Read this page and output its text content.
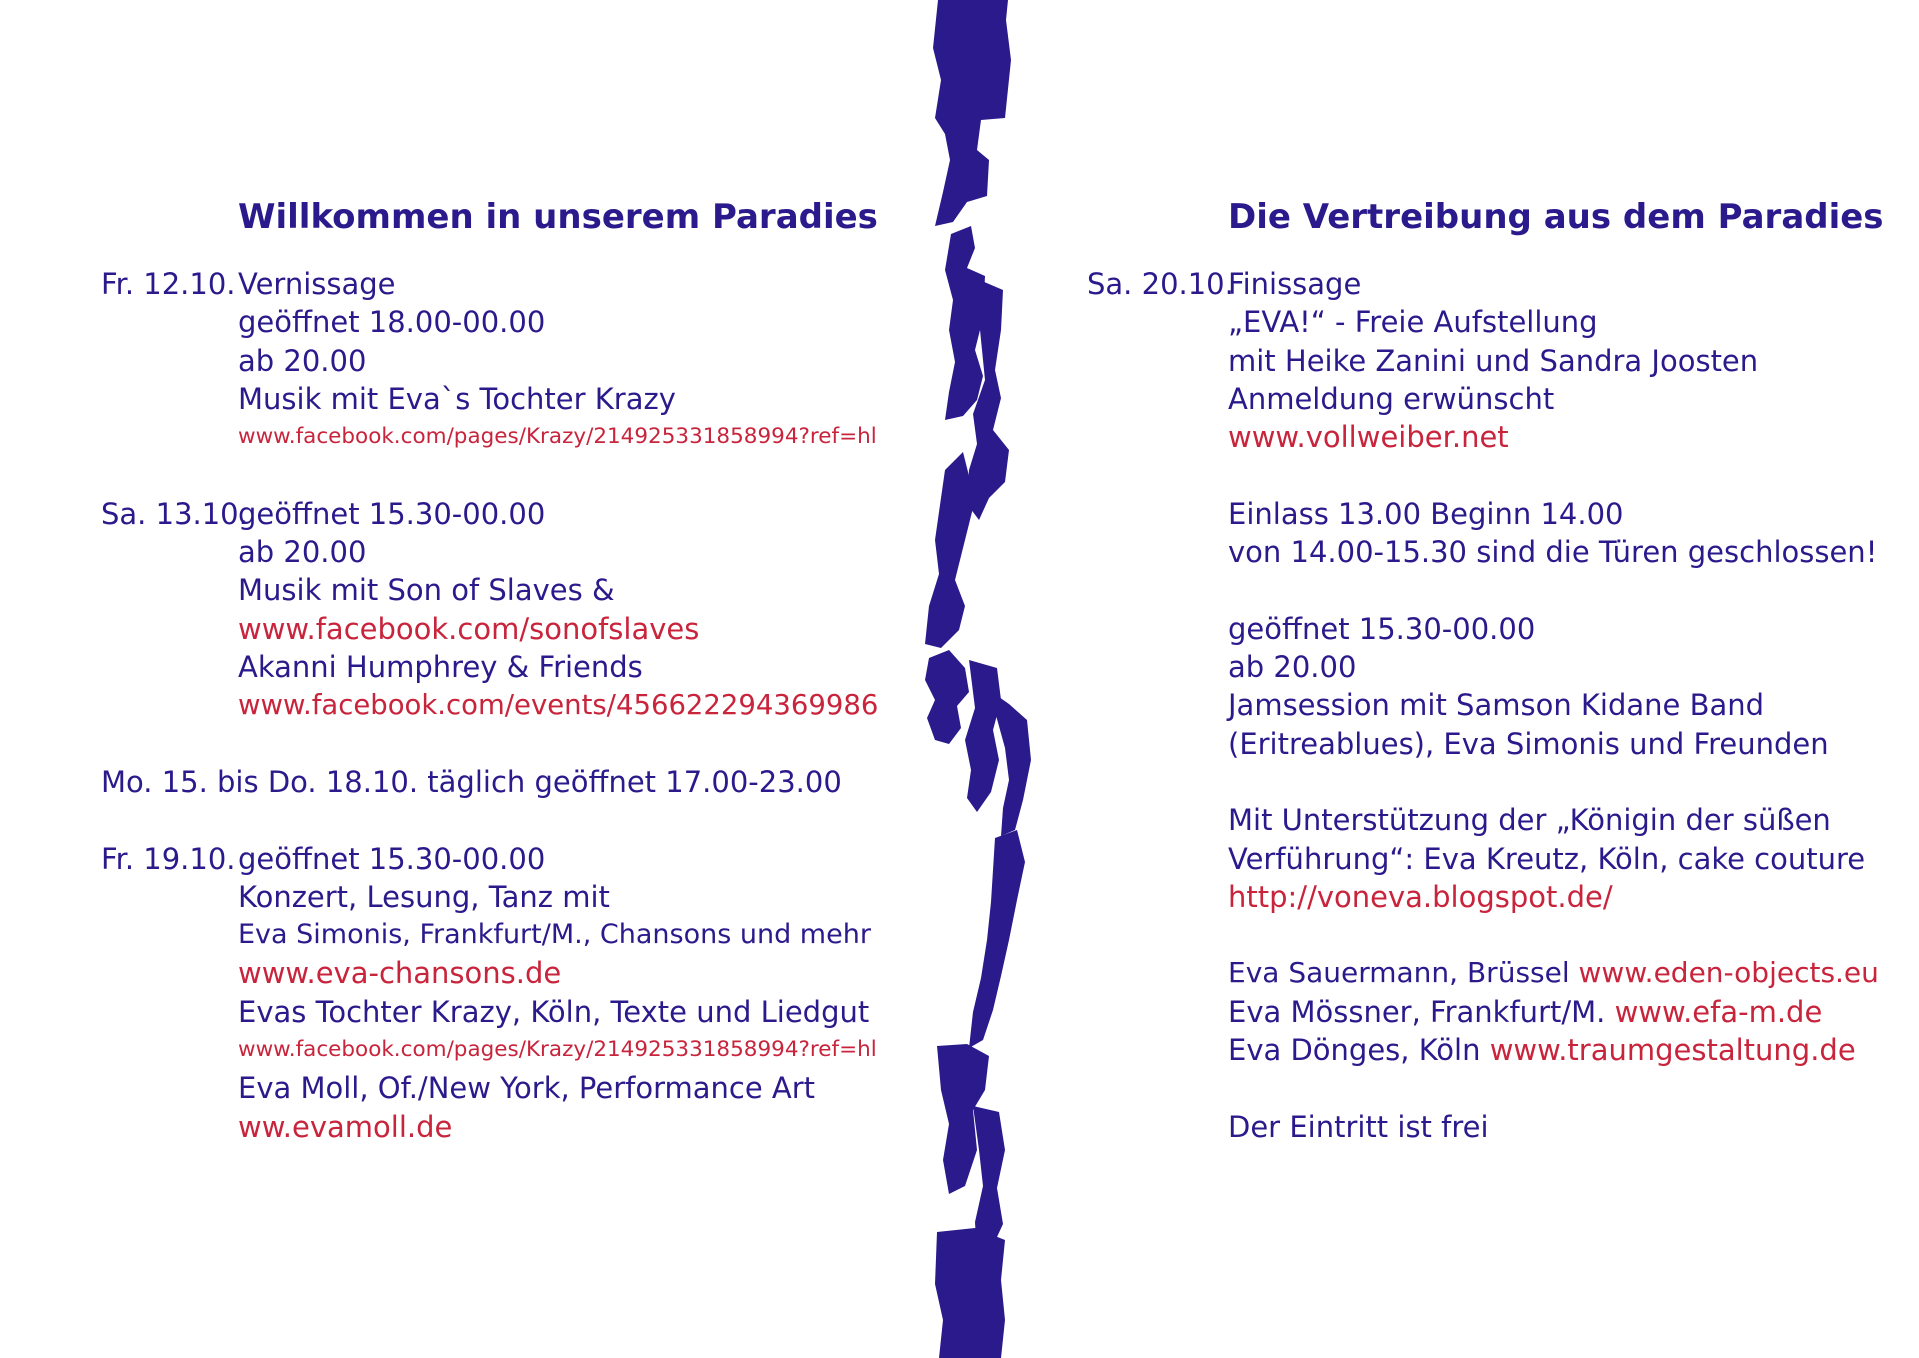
Willkommen in unserem Paradies	Die Vertreibung aus dem Paradies
Fr. 12.10. Vernissage
geöffnet 18.00-00.00
ab 20.00
Musik mit Eva`s Tochter Krazy
www.facebook.com/pages/Krazy/214925331858994?ref=hl
Sa. 13.10.
geöffnet 15.30-00.00
ab 20.00
Musik mit Son of Slaves &
www.facebook.com/sonofslaves
Akanni Humphrey & Friends
www.facebook.com/events/456622294369986
Mo. 15. bis Do. 18.10. täglich geöffnet 17.00-23.00
Fr. 19.10. geöffnet 15.30-00.00
Konzert, Lesung, Tanz mit
Eva Simonis, Frankfurt/M., Chansons und mehr
www.eva-chansons.de
Evas Tochter Krazy, Köln, Texte und Liedgut
www.facebook.com/pages/Krazy/214925331858994?ref=hl
Eva Moll, Of./New York, Performance Art
ww.evamoll.de
Sa. 20.10.
Finissage
„EVA!“ - Freie Aufstellung
mit Heike Zanini und Sandra Joosten
Anmeldung erwünscht
www.vollweiber.net
Einlass 13.00 Beginn 14.00
von 14.00-15.30 sind die Türen geschlossen!
geöffnet 15.30-00.00
ab 20.00
Jamsession mit Samson Kidane Band
(Eritreablues), Eva Simonis und Freunden
Mit Unterstützung der „Königin der süßen
Verführung“: Eva Kreutz, Köln, cake couture
http://voneva.blogspot.de/
Eva Sauermann, Brüssel www.eden-objects.eu
Eva Mössner, Frankfurt/M. www.efa-m.de
Eva Dönges, Köln www.traumgestaltung.de
Der Eintritt ist frei
